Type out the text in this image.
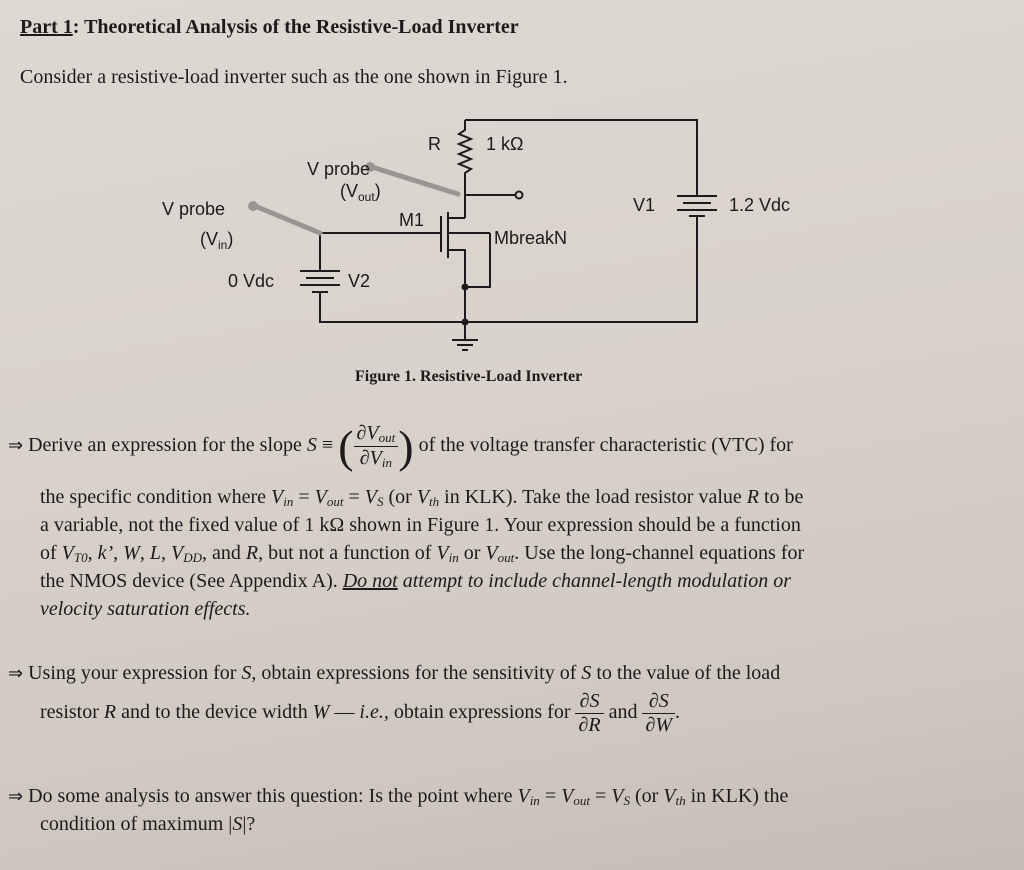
Part 1: Theoretical Analysis of the Resistive-Load Inverter
Consider a resistive-load inverter such as the one shown in Figure 1.
R	1 kΩ
V probe
$(V_{out})$
V probe
$(V_{in})$
M1
MbreakN
V1	1.2 Vdc
0 Vdc	V2
Figure 1. Resistive-Load Inverter
⇒ Derive an expression for the slope S ≡ ( $\frac{\partial V_{out}}{\partial V_{in}}$ ) of the voltage transfer characteristic (VTC) for
the specific condition where $V_{in} = V_{out} = V_S$ (or $V_{th}$ in KLK). Take the load resistor value R to be
a variable, not the fixed value of 1 kΩ shown in Figure 1. Your expression should be a function
of $V_{T0}$, k’, W, L, $V_{DD}$, and R, but not a function of $V_{in}$ or $V_{out}$. Use the long-channel equations for
the NMOS device (See Appendix A). Do not attempt to include channel-length modulation or
velocity saturation effects.
⇒ Using your expression for S, obtain expressions for the sensitivity of S to the value of the load
resistor R and to the device width W — i.e., obtain expressions for $\frac{\partial S}{\partial R}$ and $\frac{\partial S}{\partial W}$ .
⇒ Do some analysis to answer this question: Is the point where $V_{in} = V_{out} = V_S$ (or $V_{th}$ in KLK) the
condition of maximum |S|?
